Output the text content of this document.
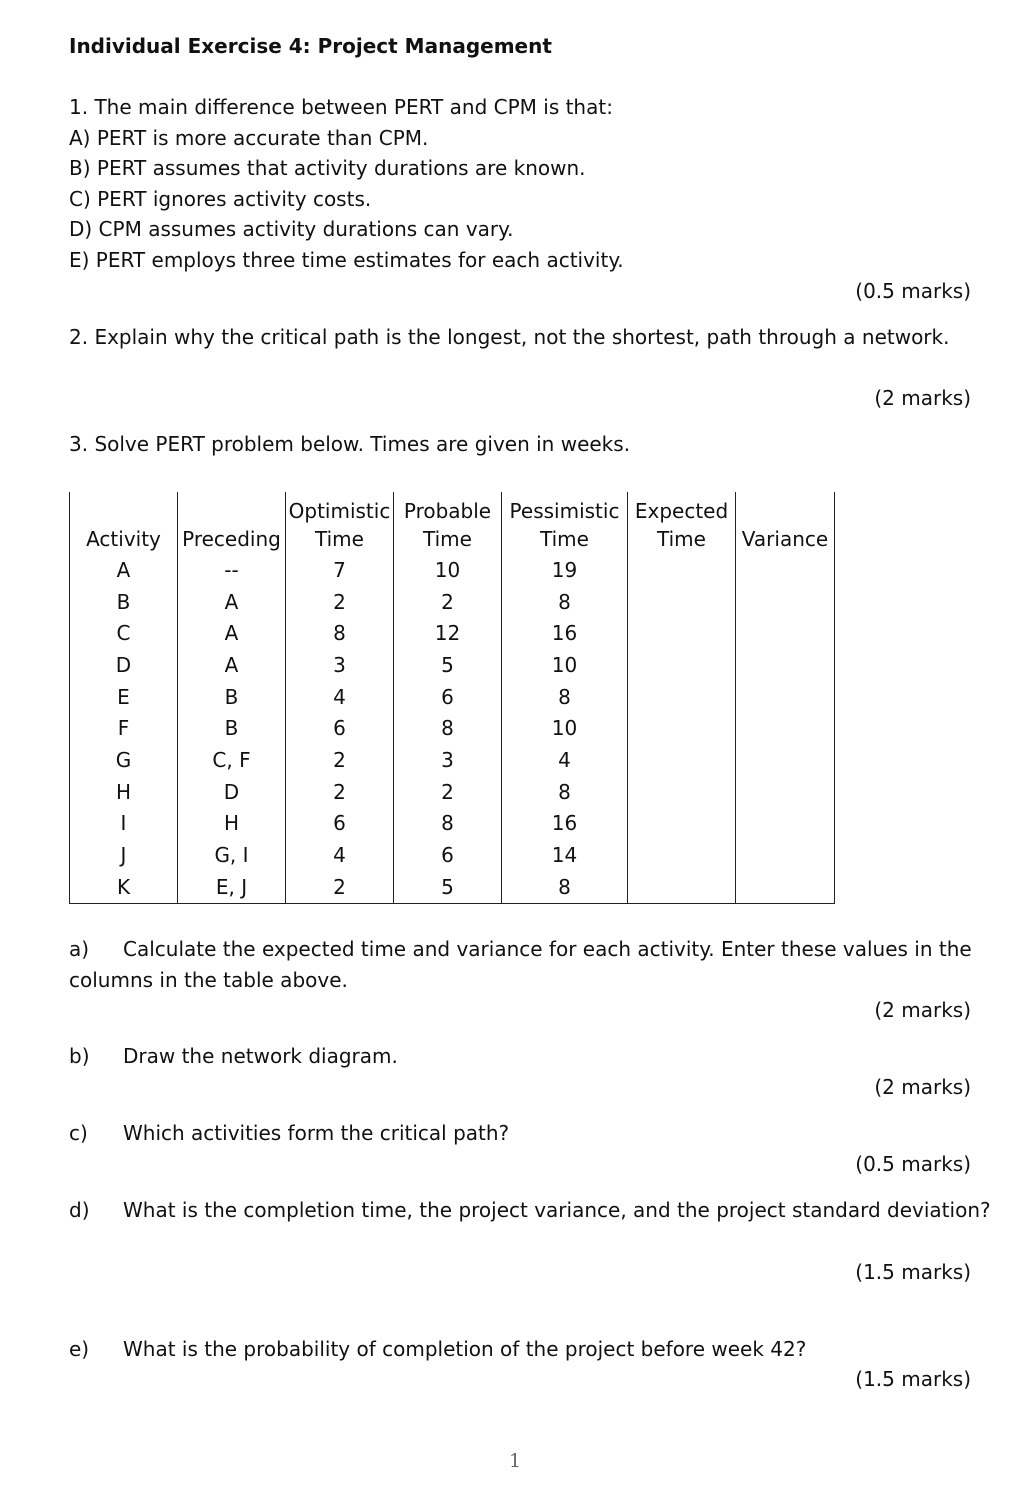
Individual Exercise 4: Project Management
1. The main difference between PERT and CPM is that:
A) PERT is more accurate than CPM.
B) PERT assumes that activity durations are known.
C) PERT ignores activity costs.
D) CPM assumes activity durations can vary.
E) PERT employs three time estimates for each activity.
(0.5 marks)
2. Explain why the critical path is the longest, not the shortest, path through a network.
(2 marks)
3. Solve PERT problem below. Times are given in weeks.
		Optimistic	Probable	Pessimistic	Expected	
Activity	Preceding	Time	Time	Time	Time	Variance
A	--	7	10	19		
B	A	2	2	8		
C	A	8	12	16		
D	A	3	5	10		
E	B	4	6	8		
F	B	6	8	10		
G	C, F	2	3	4		
H	D	2	2	8		
I	H	6	8	16		
J	G, I	4	6	14		
K	E, J	2	5	8		
a) Calculate the expected time and variance for each activity. Enter these values in the
columns in the table above.
(2 marks)
b) Draw the network diagram.
(2 marks)
c) Which activities form the critical path?
(0.5 marks)
d) What is the completion time, the project variance, and the project standard deviation?
(1.5 marks)
e) What is the probability of completion of the project before week 42?
(1.5 marks)
1
